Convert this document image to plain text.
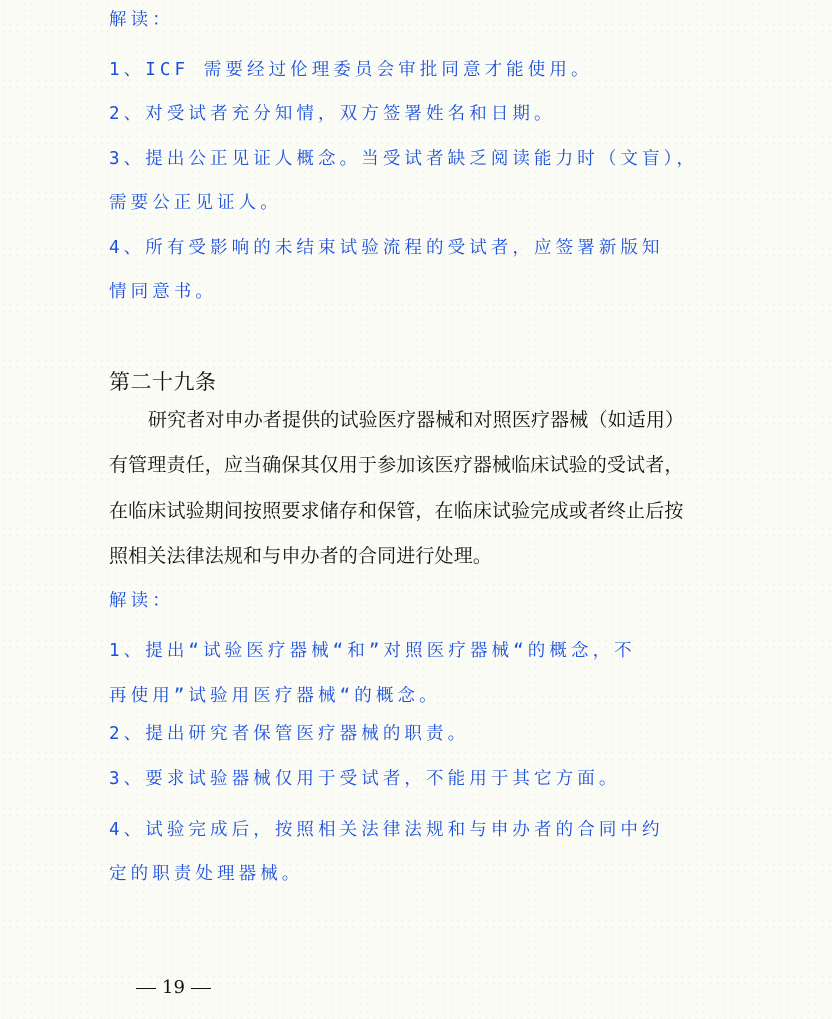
解读：

1、ICF 需要经过伦理委员会审批同意才能使用。

2、对受试者充分知情，双方签署姓名和日期。

3、提出公正见证人概念。当受试者缺乏阅读能力时（文盲），

需要公正见证人。

4、所有受影响的未结束试验流程的受试者，应签署新版知

情同意书。

第二十九条

研究者对申办者提供的试验医疗器械和对照医疗器械（如适用）

有管理责任，应当确保其仅用于参加该医疗器械临床试验的受试者，

在临床试验期间按照要求储存和保管，在临床试验完成或者终止后按

照相关法律法规和与申办者的合同进行处理。

解读：

1、提出“试验医疗器械“和”对照医疗器械“的概念，不

再使用”试验用医疗器械“的概念。

2、提出研究者保管医疗器械的职责。

3、要求试验器械仅用于受试者，不能用于其它方面。

4、试验完成后，按照相关法律法规和与申办者的合同中约

定的职责处理器械。

19
